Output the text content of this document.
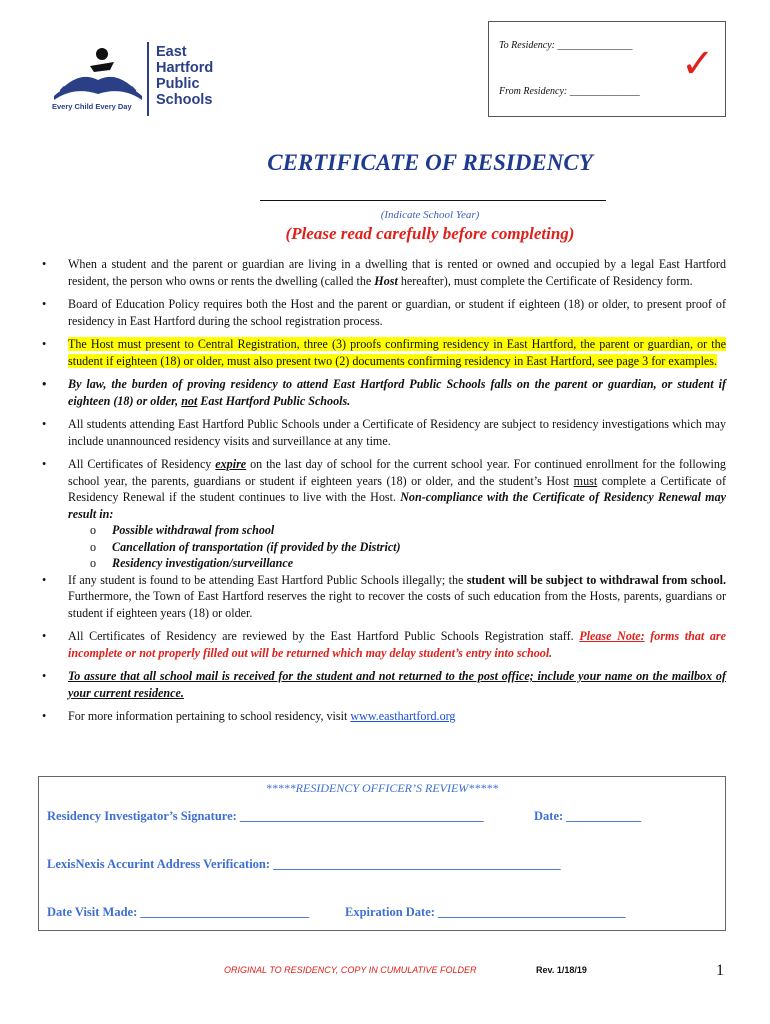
Every Child Every Day
East
Hartford
Public
Schools
To Residency: _______________
From Residency: ______________
✓
CERTIFICATE OF RESIDENCY
(Indicate School Year)
(Please read carefully before completing)
• When a student and the parent or guardian are living in a dwelling that is rented or owned and occupied by a legal East Hartford resident, the person who owns or rents the dwelling (called the Host hereafter), must complete the Certificate of Residency form.
• Board of Education Policy requires both the Host and the parent or guardian, or student if eighteen (18) or older, to present proof of residency in East Hartford during the school registration process.
• The Host must present to Central Registration, three (3) proofs confirming residency in East Hartford, the parent or guardian, or the student if eighteen (18) or older, must also present two (2) documents confirming residency in East Hartford, see page 3 for examples.
• By law, the burden of proving residency to attend East Hartford Public Schools falls on the parent or guardian, or student if eighteen (18) or older, not East Hartford Public Schools.
• All students attending East Hartford Public Schools under a Certificate of Residency are subject to residency investigations which may include unannounced residency visits and surveillance at any time.
• All Certificates of Residency expire on the last day of school for the current school year. For continued enrollment for the following school year, the parents, guardians or student if eighteen years (18) or older, and the student’s Host must complete a Certificate of Residency Renewal if the student continues to live with the Host. Non-compliance with the Certificate of Residency Renewal may result in:
o Possible withdrawal from school
o Cancellation of transportation (if provided by the District)
o Residency investigation/surveillance
• If any student is found to be attending East Hartford Public Schools illegally; the student will be subject to withdrawal from school. Furthermore, the Town of East Hartford reserves the right to recover the costs of such education from the Hosts, parents, guardians or student if eighteen years (18) or older.
• All Certificates of Residency are reviewed by the East Hartford Public Schools Registration staff. Please Note: forms that are incomplete or not properly filled out will be returned which may delay student’s entry into school.
• To assure that all school mail is received for the student and not returned to the post office; include your name on the mailbox of your current residence.
• For more information pertaining to school residency, visit www.easthartford.org
*****RESIDENCY OFFICER’S REVIEW*****
Residency Investigator’s Signature: _______________________________________	Date: ____________
LexisNexis Accurint Address Verification: ______________________________________________
Date Visit Made: ___________________________	Expiration Date: ______________________________
ORIGINAL TO RESIDENCY, COPY IN CUMULATIVE FOLDER	Rev. 1/18/19	1
